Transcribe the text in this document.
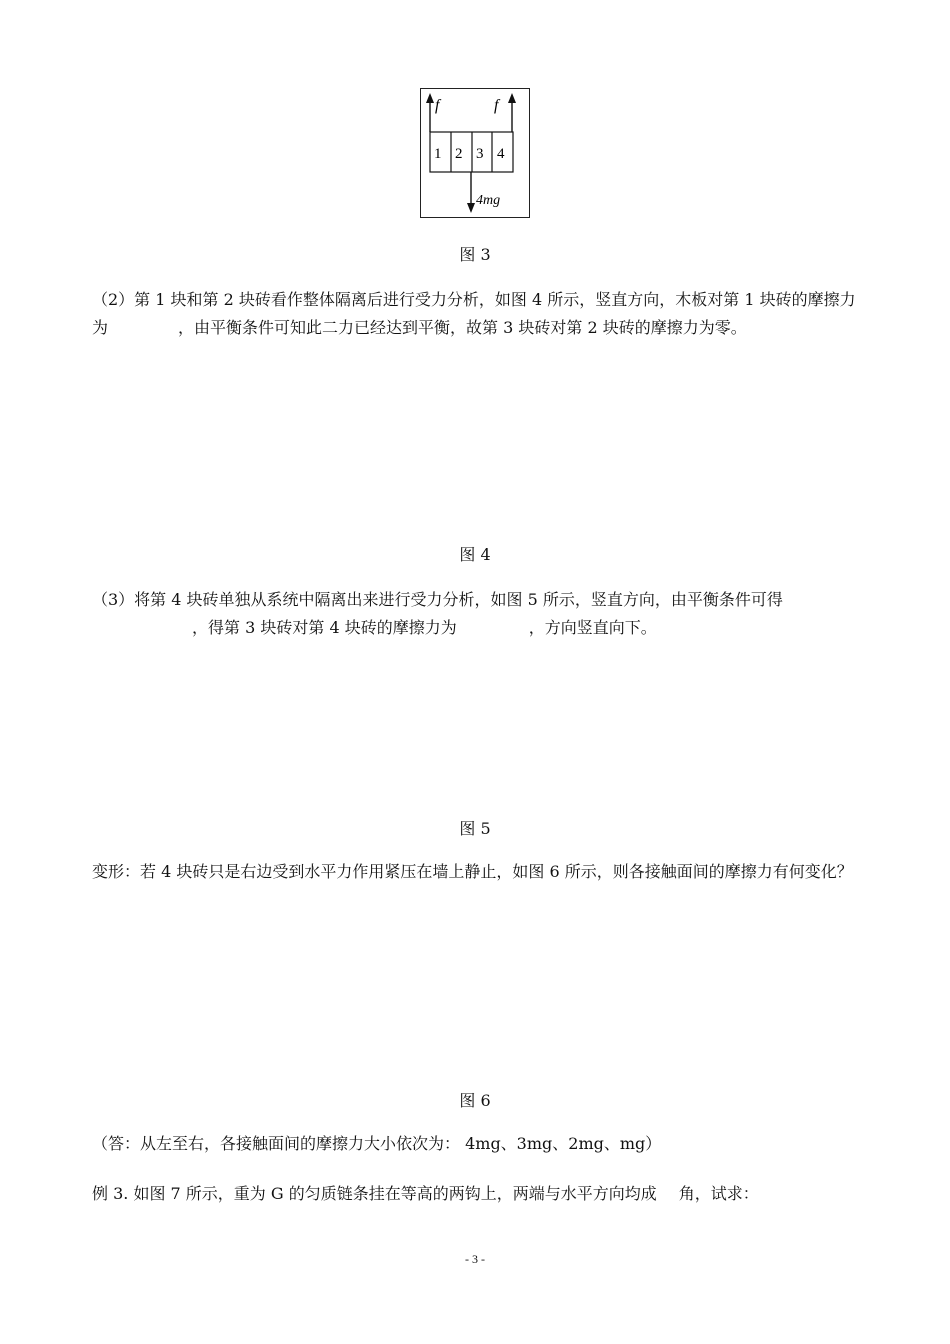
f	f
1 2 3 4
4mg

图 3

（2）第 1 块和第 2 块砖看作整体隔离后进行受力分析，如图 4 所示，竖直方向，木板对第 1 块砖的摩擦力为	，由平衡条件可知此二力已经达到平衡，故第 3 块砖对第 2 块砖的摩擦力为零。

图 4

（3）将第 4 块砖单独从系统中隔离出来进行受力分析，如图 5 所示，竖直方向，由平衡条件可得，得第 3 块砖对第 4 块砖的摩擦力为	，方向竖直向下。

图 5

变形：若 4 块砖只是右边受到水平力作用紧压在墙上静止，如图 6 所示，则各接触面间的摩擦力有何变化？

图 6

（答：从左至右，各接触面间的摩擦力大小依次为： 4mg、3mg、2mg、mg）

例 3. 如图 7 所示，重为 G 的匀质链条挂在等高的两钩上，两端与水平方向均成 角，试求：

- 3 -
